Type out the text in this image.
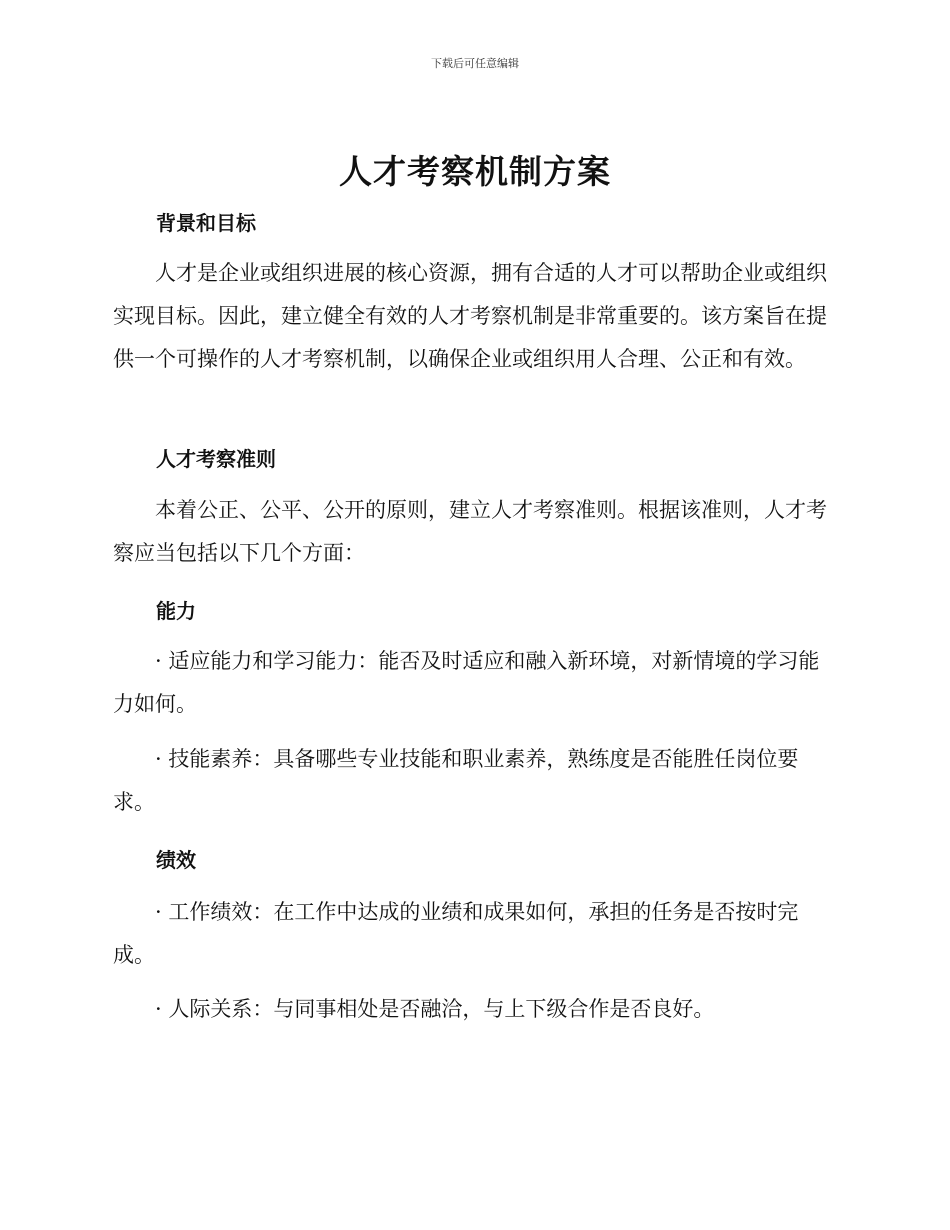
下载后可任意编辑
人才考察机制方案
背景和目标

人才是企业或组织进展的核心资源，拥有合适的人才可以帮助企业或组织实现目标。因此，建立健全有效的人才考察机制是非常重要的。该方案旨在提供一个可操作的人才考察机制，以确保企业或组织用人合理、公正和有效。

人才考察准则

本着公正、公平、公开的原则，建立人才考察准则。根据该准则，人才考察应当包括以下几个方面：

能力

· 适应能力和学习能力：能否及时适应和融入新环境，对新情境的学习能力如何。

· 技能素养：具备哪些专业技能和职业素养，熟练度是否能胜任岗位要求。

绩效

· 工作绩效：在工作中达成的业绩和成果如何，承担的任务是否按时完成。

· 人际关系：与同事相处是否融洽，与上下级合作是否良好。
